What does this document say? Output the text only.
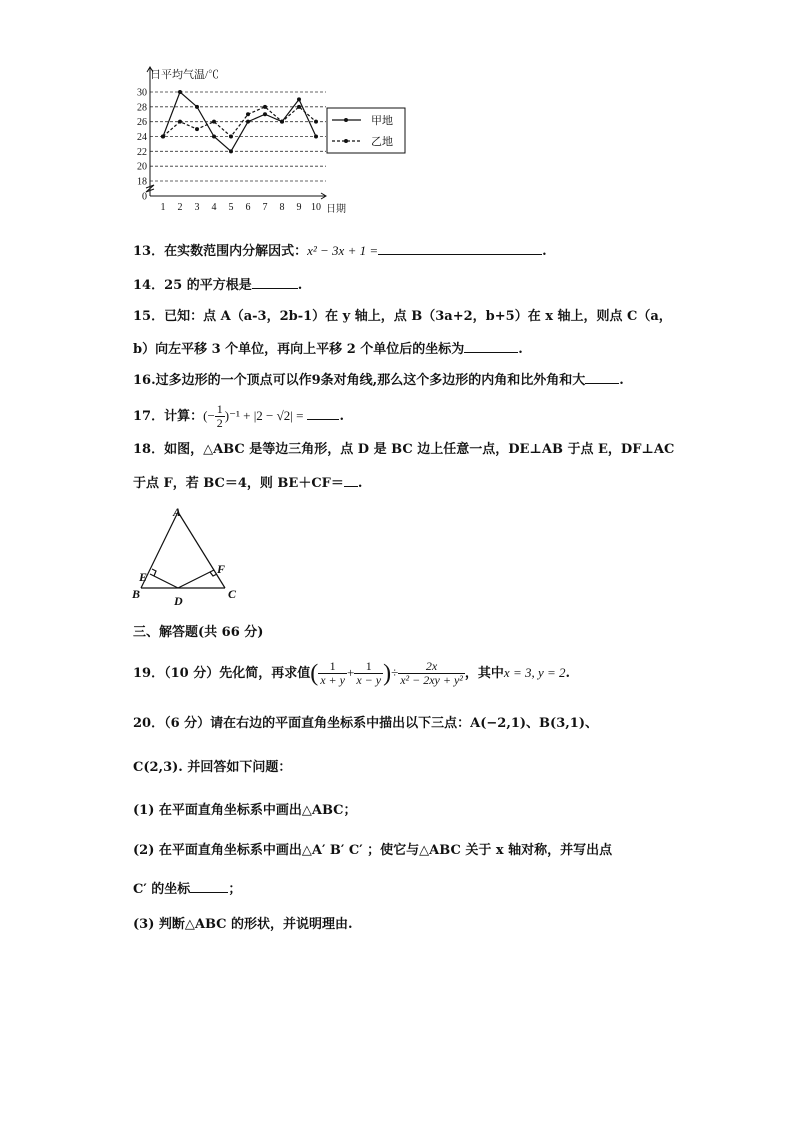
0
18
20
22
24
26
28
30
1 2 3 4 5 6 7 8 9 10
甲地
乙地
日平均气温/℃
日期
13．在实数范围内分解因式：x² − 3x + 1 =	.
14．25 的平方根是	.
15．已知：点 A（a-3，2b-1）在 y 轴上，点 B（3a+2，b+5）在 x 轴上，则点 C（a，
b）向左平移 3 个单位，再向上平移 2 个单位后的坐标为	.
16.过多边形的一个顶点可以作9条对角线,那么这个多边形的内角和比外角和大	.
17．计算：(− $\frac{1}{2} )^{-1} + |2 - √2|$ =	.
18．如图，△ABC 是等边三角形，点 D 是 BC 边上任意一点，DE⊥AB 于点 E，DF⊥AC
于点 F，若 BC＝4，则 BE＋CF＝ .
A
B	C
D
E
F
三、解答题(共 66 分)
19．（10 分）先化简，再求值( $\frac{1}{x + y} + \frac{1}{x - y}$ )÷ $\frac{2x}{\text{x² − 2xy + y²}}$ ，其中x = 3, y = 2.
20．（6 分）请在右边的平面直角坐标系中描出以下三点：A(−2,1)、B(3,1)、
C(2,3). 并回答如下问题：
(1) 在平面直角坐标系中画出△ABC；
(2) 在平面直角坐标系中画出△A′ B′ C′ ；使它与△ABC 关于 x 轴对称，并写出点
C′ 的坐标	；
(3) 判断△ABC 的形状，并说明理由.
